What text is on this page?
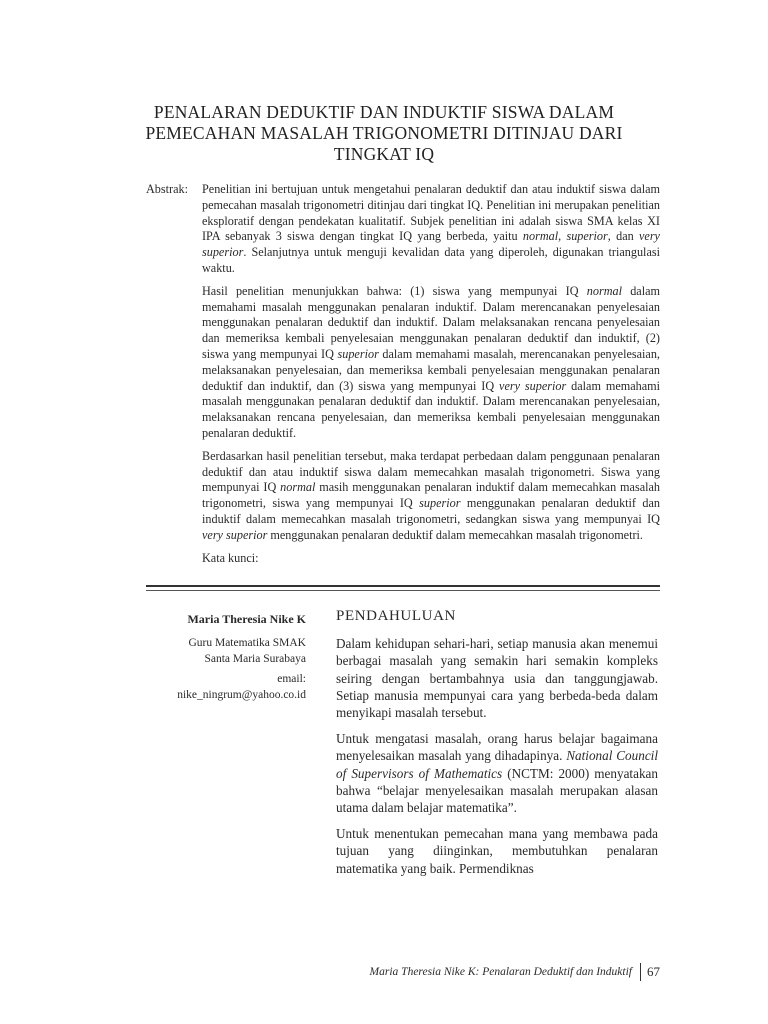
PENALARAN DEDUKTIF DAN INDUKTIF SISWA DALAM
PEMECAHAN MASALAH TRIGONOMETRI DITINJAU DARI
TINGKAT IQ
Abstrak:	Penelitian ini bertujuan untuk mengetahui penalaran deduktif dan atau induktif siswa dalam pemecahan masalah trigonometri ditinjau dari tingkat IQ. Penelitian ini merupakan penelitian eksploratif dengan pendekatan kualitatif. Subjek penelitian ini adalah siswa SMA kelas XI IPA sebanyak 3 siswa dengan tingkat IQ yang berbeda, yaitu normal, superior, dan very superior. Selanjutnya untuk menguji kevalidan data yang diperoleh, digunakan triangulasi waktu.

Hasil penelitian menunjukkan bahwa: (1) siswa yang mempunyai IQ normal dalam memahami masalah menggunakan penalaran induktif. Dalam merencanakan penyelesaian menggunakan penalaran deduktif dan induktif. Dalam melaksanakan rencana penyelesaian dan memeriksa kembali penyelesaian menggunakan penalaran deduktif dan induktif, (2) siswa yang mempunyai IQ superior dalam memahami masalah, merencanakan penyelesaian, melaksanakan penyelesaian, dan memeriksa kembali penyelesaian menggunakan penalaran deduktif dan induktif, dan (3) siswa yang mempunyai IQ very superior dalam memahami masalah menggunakan penalaran deduktif dan induktif. Dalam merencanakan penyelesaian, melaksanakan rencana penyelesaian, dan memeriksa kembali penyelesaian menggunakan penalaran deduktif.

Berdasarkan hasil penelitian tersebut, maka terdapat perbedaan dalam penggunaan penalaran deduktif dan atau induktif siswa dalam memecahkan masalah trigonometri. Siswa yang mempunyai IQ normal masih menggunakan penalaran induktif dalam memecahkan masalah trigonometri, siswa yang mempunyai IQ superior menggunakan penalaran deduktif dan induktif dalam memecahkan masalah trigonometri, sedangkan siswa yang mempunyai IQ very superior menggunakan penalaran deduktif dalam memecahkan masalah trigonometri.

Kata kunci:

Maria Theresia Nike K
Guru Matematika SMAK
Santa Maria Surabaya
email:
nike_ningrum@yahoo.co.id
PENDAHULUAN

Dalam kehidupan sehari-hari, setiap manusia akan menemui berbagai masalah yang semakin hari semakin kompleks seiring dengan bertambahnya usia dan tanggungjawab. Setiap manusia mempunyai cara yang berbeda-beda dalam menyikapi masalah tersebut.

Untuk mengatasi masalah, orang harus belajar bagaimana menyelesaikan masalah yang dihadapinya. National Council of Supervisors of Mathematics (NCTM: 2000) menyatakan bahwa “belajar menyelesaikan masalah merupakan alasan utama dalam belajar matematika”.

Untuk menentukan pemecahan mana yang membawa pada tujuan yang diinginkan, membutuhkan penalaran matematika yang baik. Permendiknas

Maria Theresia Nike K: Penalaran Deduktif dan Induktif 67
